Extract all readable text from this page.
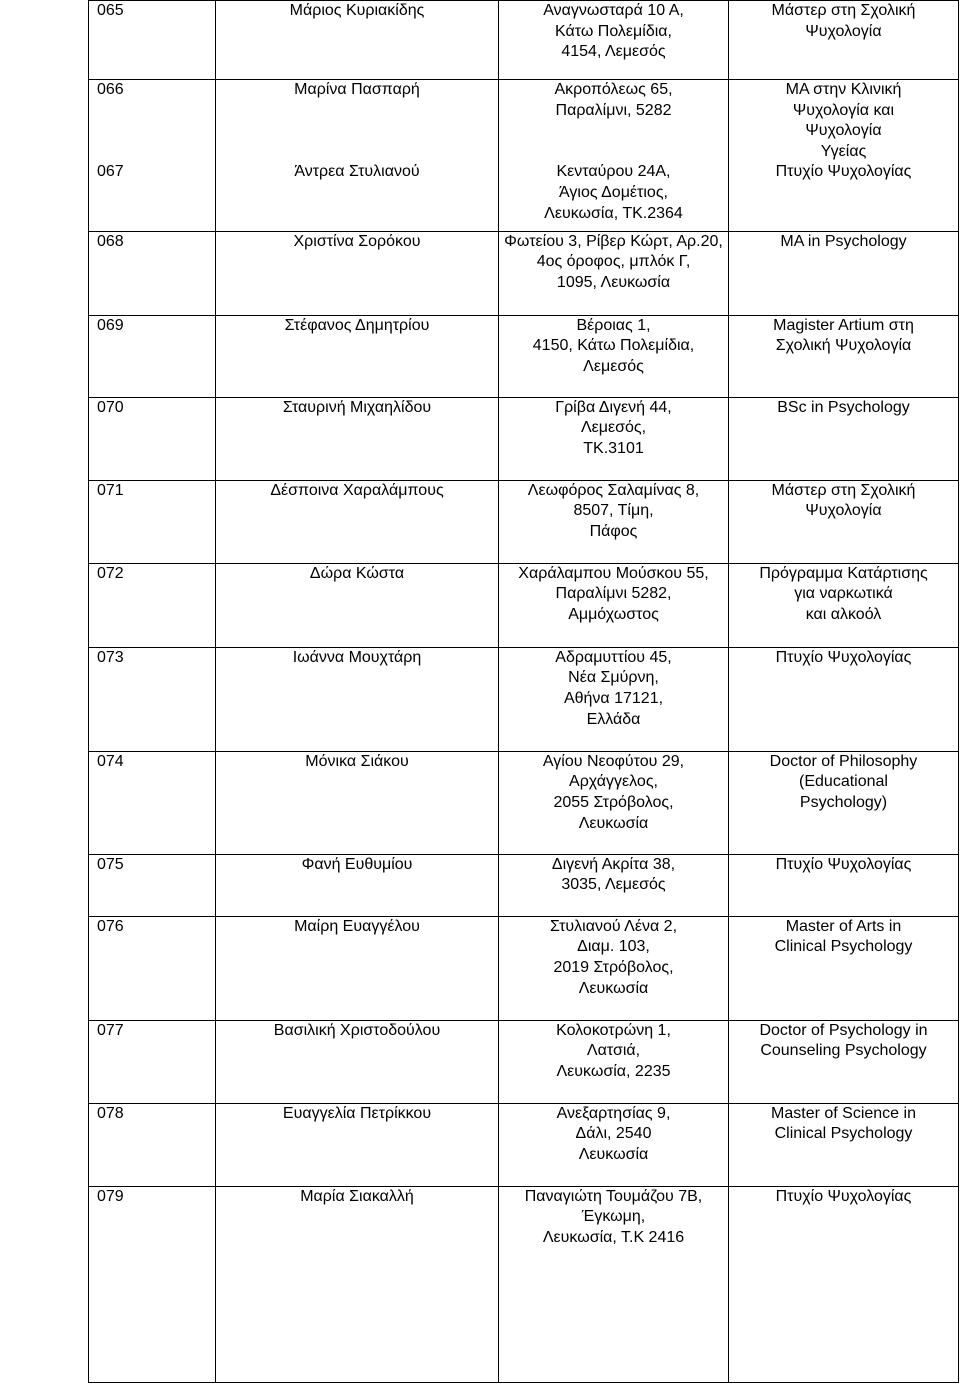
065	Μάριος Κυριακίδης	Αναγνωσταρά 10 Α,
Κάτω Πολεμίδια,
4154, Λεμεσός	Μάστερ στη Σχολική
Ψυχολογία

066	Μαρίνα Πασπαρή	Ακροπόλεως 65,
Παραλίμνι, 5282	MA στην Κλινική
Ψυχολογία και
Ψυχολογία
Υγείας

067	Άντρεα Στυλιανού	Κενταύρου 24Α,
Άγιος Δομέτιος,
Λευκωσία, ΤΚ.2364	Πτυχίο Ψυχολογίας

068	Χριστίνα Σορόκου	Φωτείου 3, Ρίβερ Κώρτ, Αρ.20,
4ος όροφος, μπλόκ Γ,
1095, Λευκωσία	MA in Psychology

069	Στέφανος Δημητρίου	Βέροιας 1,
4150, Κάτω Πολεμίδια,
Λεμεσός	Magister Artium στη
Σχολική Ψυχολογία

070	Σταυρινή Μιχαηλίδου	Γρίβα Διγενή 44,
Λεμεσός,
ΤΚ.3101	BSc in Psychology

071	Δέσποινα Χαραλάμπους	Λεωφόρος Σαλαμίνας 8,
8507, Τίμη,
Πάφος	Μάστερ στη Σχολική
Ψυχολογία

072	Δώρα Κώστα	Χαράλαμπου Μούσκου 55,
Παραλίμνι 5282,
Αμμόχωστος	Πρόγραμμα Κατάρτισης
για ναρκωτικά
και αλκοόλ

073	Ιωάννα Μουχτάρη	Αδραμυττίου 45,
Νέα Σμύρνη,
Αθήνα 17121,
Ελλάδα	Πτυχίο Ψυχολογίας

074	Μόνικα Σιάκου	Αγίου Νεοφύτου 29,
Αρχάγγελος,
2055 Στρόβολος,
Λευκωσία	Doctor of Philosophy
(Educational
Psychology)

075	Φανή Ευθυμίου	Διγενή Ακρίτα 38,
3035, Λεμεσός	Πτυχίο Ψυχολογίας

076	Μαίρη Ευαγγέλου	Στυλιανού Λένα 2,
Διαμ. 103,
2019 Στρόβολος,
Λευκωσία	Master of Arts in
Clinical Psychology

077	Βασιλική Χριστοδούλου	Κολοκοτρώνη 1,
Λατσιά,
Λευκωσία, 2235	Doctor of Psychology in
Counseling Psychology

078	Ευαγγελία Πετρίκκου	Ανεξαρτησίας 9,
Δάλι, 2540
Λευκωσία	Master of Science in
Clinical Psychology

079	Μαρία Σιακαλλή	Παναγιώτη Τουμάζου 7Β,
Έγκωμη,
Λευκωσία, Τ.Κ 2416	Πτυχίο Ψυχολογίας
